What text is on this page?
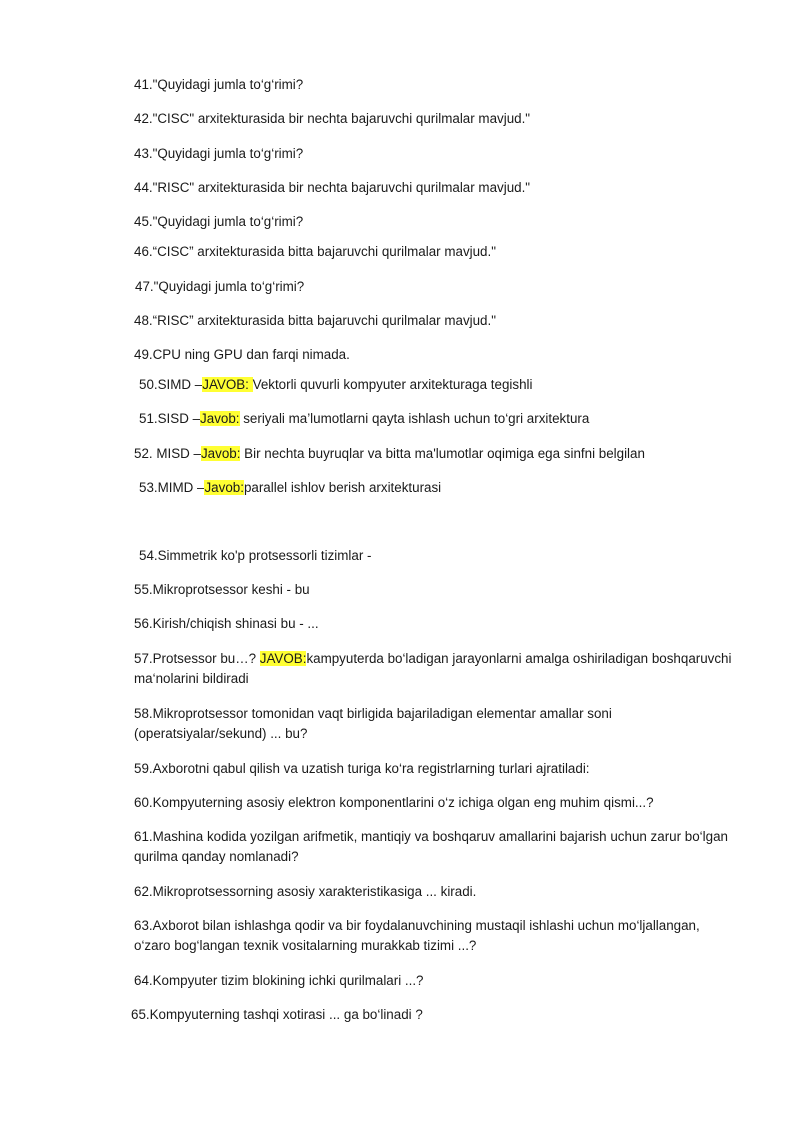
41."Quyidagi jumla to‘g‘rimi?
42."CISC" arxitekturasida bir nechta bajaruvchi qurilmalar mavjud."
43."Quyidagi jumla to‘g‘rimi?
44."RISC" arxitekturasida bir nechta bajaruvchi qurilmalar mavjud."
45."Quyidagi jumla to‘g‘rimi?
46.“CISC” arxitekturasida bitta bajaruvchi qurilmalar mavjud."
47."Quyidagi jumla to‘g‘rimi?
48.“RISC” arxitekturasida bitta bajaruvchi qurilmalar mavjud."
49.CPU ning GPU dan farqi nimada.
50.SIMD –JAVOB: Vektorli quvurli kompyuter arxitekturaga tegishli
51.SISD –Javob: seriyali ma’lumotlarni qayta ishlash uchun to‘gri arxitektura
52. MISD –Javob: Bir nechta buyruqlar va bitta ma'lumotlar oqimiga ega sinfni belgilan
53.MIMD –Javob:parallel ishlov berish arxitekturasi
54.Simmetrik ko'p protsessorli tizimlar -
55.Mikroprotsessor keshi - bu
56.Kirish/chiqish shinasi bu - ...
57.Protsessor bu…? JAVOB:kampyuterda bo‘ladigan jarayonlarni amalga oshiriladigan boshqaruvchi ma‘nolarini bildiradi
58.Mikroprotsessor tomonidan vaqt birligida bajariladigan elementar amallar soni (operatsiyalar/sekund) ... bu?
59.Axborotni qabul qilish va uzatish turiga ko‘ra registrlarning turlari ajratiladi:
60.Kompyuterning asosiy elektron komponentlarini o‘z ichiga olgan eng muhim qismi...?
61.Mashina kodida yozilgan arifmetik, mantiqiy va boshqaruv amallarini bajarish uchun zarur bo‘lgan qurilma qanday nomlanadi?
62.Mikroprotsessorning asosiy xarakteristikasiga ... kiradi.
63.Axborot bilan ishlashga qodir va bir foydalanuvchining mustaqil ishlashi uchun mo‘ljallangan, o‘zaro bog‘langan texnik vositalarning murakkab tizimi ...?
64.Kompyuter tizim blokining ichki qurilmalari ...?
65.Kompyuterning tashqi xotirasi ... ga bo‘linadi ?
